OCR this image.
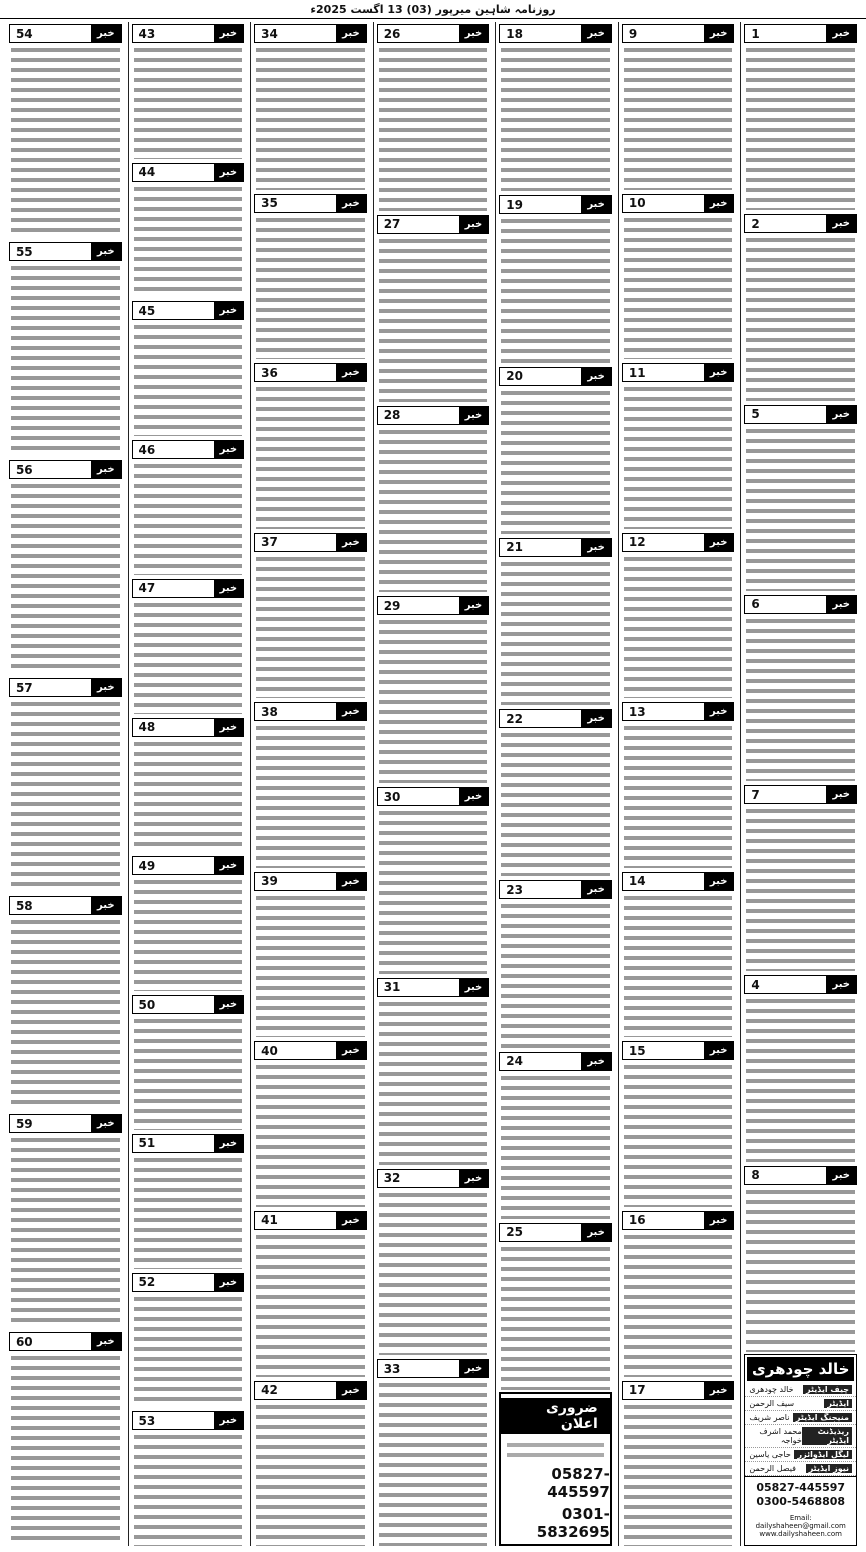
روزنامہ شاہین میرپور (03) 13 اگست 2025ء
خبر
1
خبر
2
خبر
5
خبر
6
خبر
7
خبر
4
خبر
8
خالد چودھری
چیف ایڈیٹر
خالد چودھری
ایڈیٹر
سیف الرحمن
منیجنگ ایڈیٹر
ناصر شریف
ریذیڈنٹ ایڈیٹر
محمد اشرف خواجہ
لیگل ایڈوائزر
حاجی یاسین
نیوز ایڈیٹر
فیصل الرحمن
05827-445597
0300-5468808
Email: dailyshaheen@gmail.com www.dailyshaheen.com
خبر
9
خبر
10
خبر
11
خبر
12
خبر
13
خبر
14
خبر
15
خبر
16
خبر
17
خبر
18
خبر
19
خبر
20
خبر
21
خبر
22
خبر
23
خبر
24
خبر
25
ضروری اعلان
05827-445597
0301-5832695
خبر
26
خبر
27
خبر
28
خبر
29
خبر
30
خبر
31
خبر
32
خبر
33
خبر
34
خبر
35
خبر
36
خبر
37
خبر
38
خبر
39
خبر
40
خبر
41
خبر
42
خبر
43
خبر
44
خبر
45
خبر
46
خبر
47
خبر
48
خبر
49
خبر
50
خبر
51
خبر
52
خبر
53
خبر
54
خبر
55
خبر
56
خبر
57
خبر
58
خبر
59
خبر
60
